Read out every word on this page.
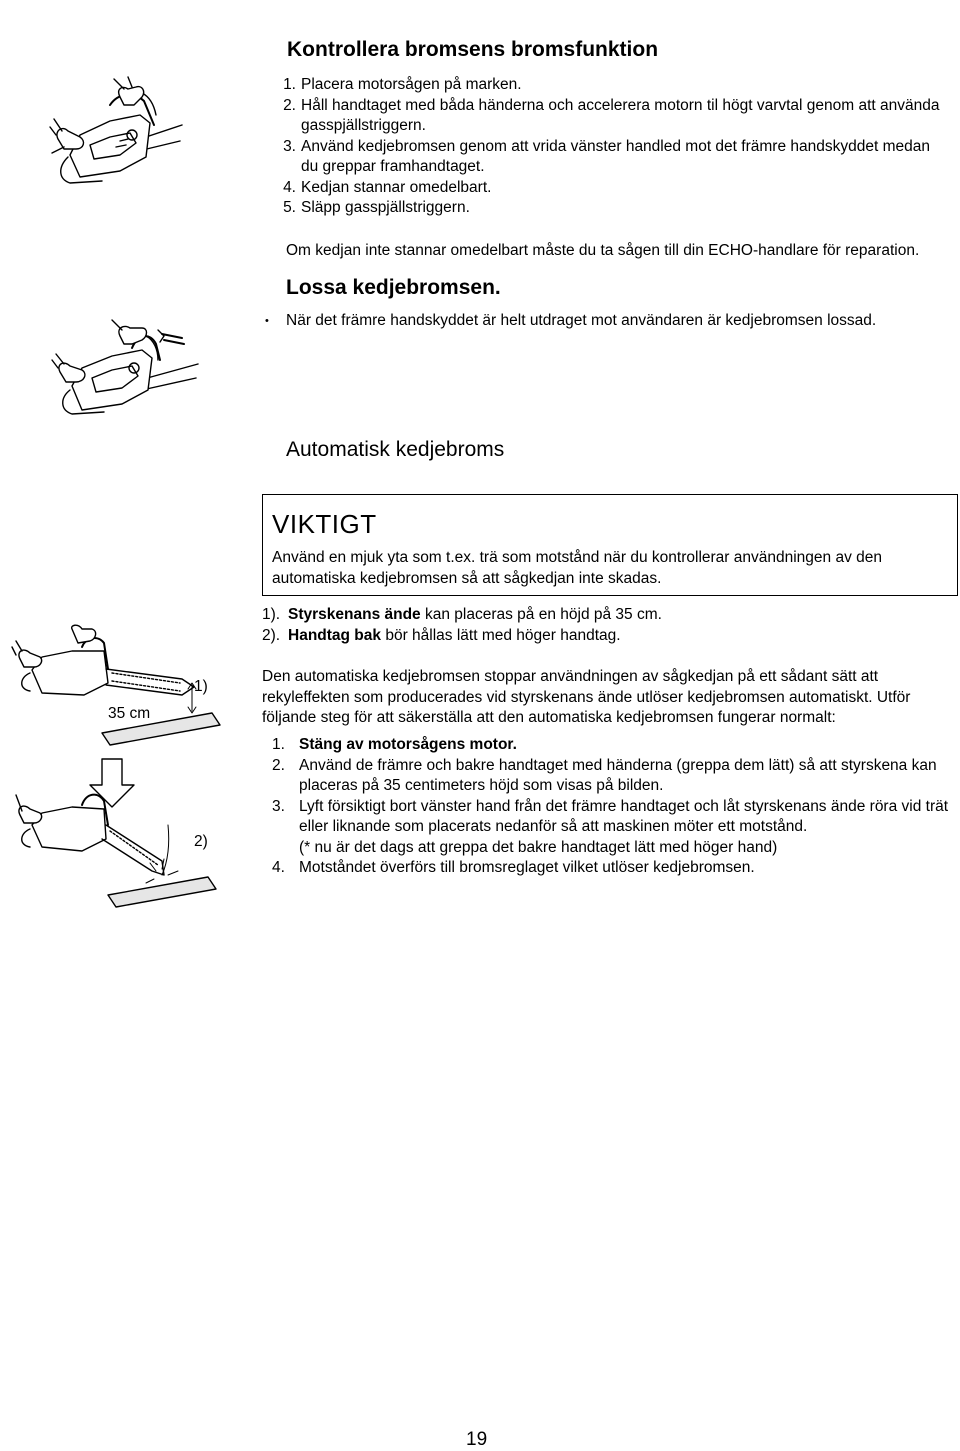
Kontrollera bromsens bromsfunktion
1. Placera motorsågen på marken.
2. Håll handtaget med båda händerna och accelerera motorn til högt varvtal genom att använda gasspjällstriggern.
3. Använd kedjebromsen genom att vrida vänster handled mot det främre handskyddet medan du greppar framhandtaget.
4. Kedjan stannar omedelbart.
5. Släpp gasspjällstriggern.
Om kedjan inte stannar omedelbart måste du ta sågen till din ECHO-handlare för reparation.
Lossa kedjebromsen.
•	När det främre handskyddet är helt utdraget mot användaren är kedjebromsen lossad.
Automatisk kedjebroms
VIKTIGT
Använd en mjuk yta som t.ex. trä som motstånd när du kontrollerar användningen av den automatiska kedjebromsen så att sågkedjan inte skadas.
1). Styrskenans ände kan placeras på en höjd på 35 cm.
2). Handtag bak bör hållas lätt med höger handtag.
35 cm
1)
2)
Den automatiska kedjebromsen stoppar användningen av sågkedjan på ett sådant sätt att rekyleffekten som producerades vid styrskenans ände utlöser kedjebromsen automatiskt. Utför följande steg för att säkerställa att den automatiska kedjebromsen fungerar normalt:
1. Stäng av motorsågens motor.
2. Använd de främre och bakre handtaget med händerna (greppa dem lätt) så att styrskena kan placeras på 35 centimeters höjd som visas på bilden.
3. Lyft försiktigt bort vänster hand från det främre handtaget och låt styrskenans ände röra vid trät eller liknande som placerats nedanför så att maskinen möter ett motstånd.
(* nu är det dags att greppa det bakre handtaget lätt med höger hand)
4. Motståndet överförs till bromsreglaget vilket utlöser kedjebromsen.
19
